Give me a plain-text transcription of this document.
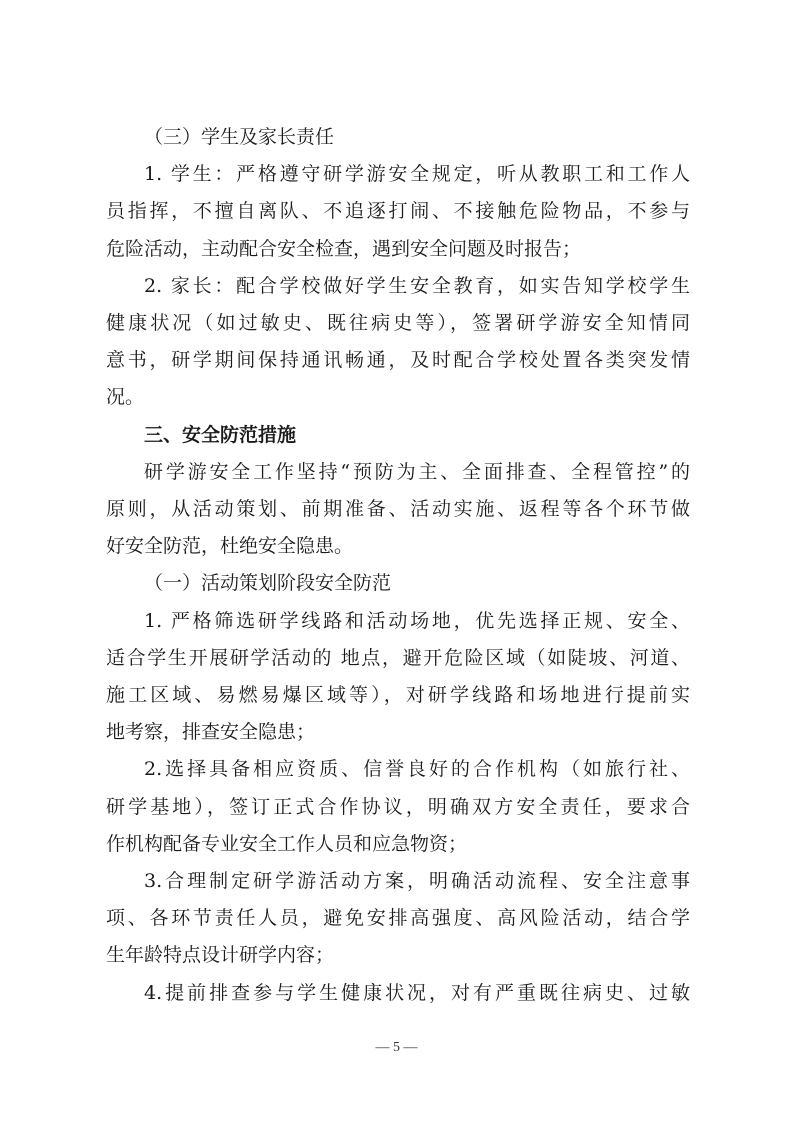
（三）学生及家长责任
1. 学生：严格遵守研学游安全规定，听从教职工和工作人
员指挥，不擅自离队、不追逐打闹、不接触危险物品，不参与
危险活动，主动配合安全检查，遇到安全问题及时报告；
2. 家长：配合学校做好学生安全教育，如实告知学校学生
健康状况（如过敏史、既往病史等），签署研学游安全知情同
意书，研学期间保持通讯畅通，及时配合学校处置各类突发情
况。
三、安全防范措施
研学游安全工作坚持“预防为主、全面排查、全程管控”的
原则，从活动策划、前期准备、活动实施、返程等各个环节做
好安全防范，杜绝安全隐患。
（一）活动策划阶段安全防范
1. 严格筛选研学线路和活动场地，优先选择正规、安全、
适合学生开展研学活动的 地点，避开危险区域（如陡坡、河道、
施工区域、易燃易爆区域等），对研学线路和场地进行提前实
地考察，排查安全隐患；
2.选择具备相应资质、信誉良好的合作机构（如旅行社、
研学基地），签订正式合作协议，明确双方安全责任，要求合
作机构配备专业安全工作人员和应急物资；
3.合理制定研学游活动方案，明确活动流程、安全注意事
— 5 —
项、各环节责任人员，避免安排高强度、高风险活动，结合学
生年龄特点设计研学内容；
4.提前排查参与学生健康状况，对有严重既往病史、过敏
